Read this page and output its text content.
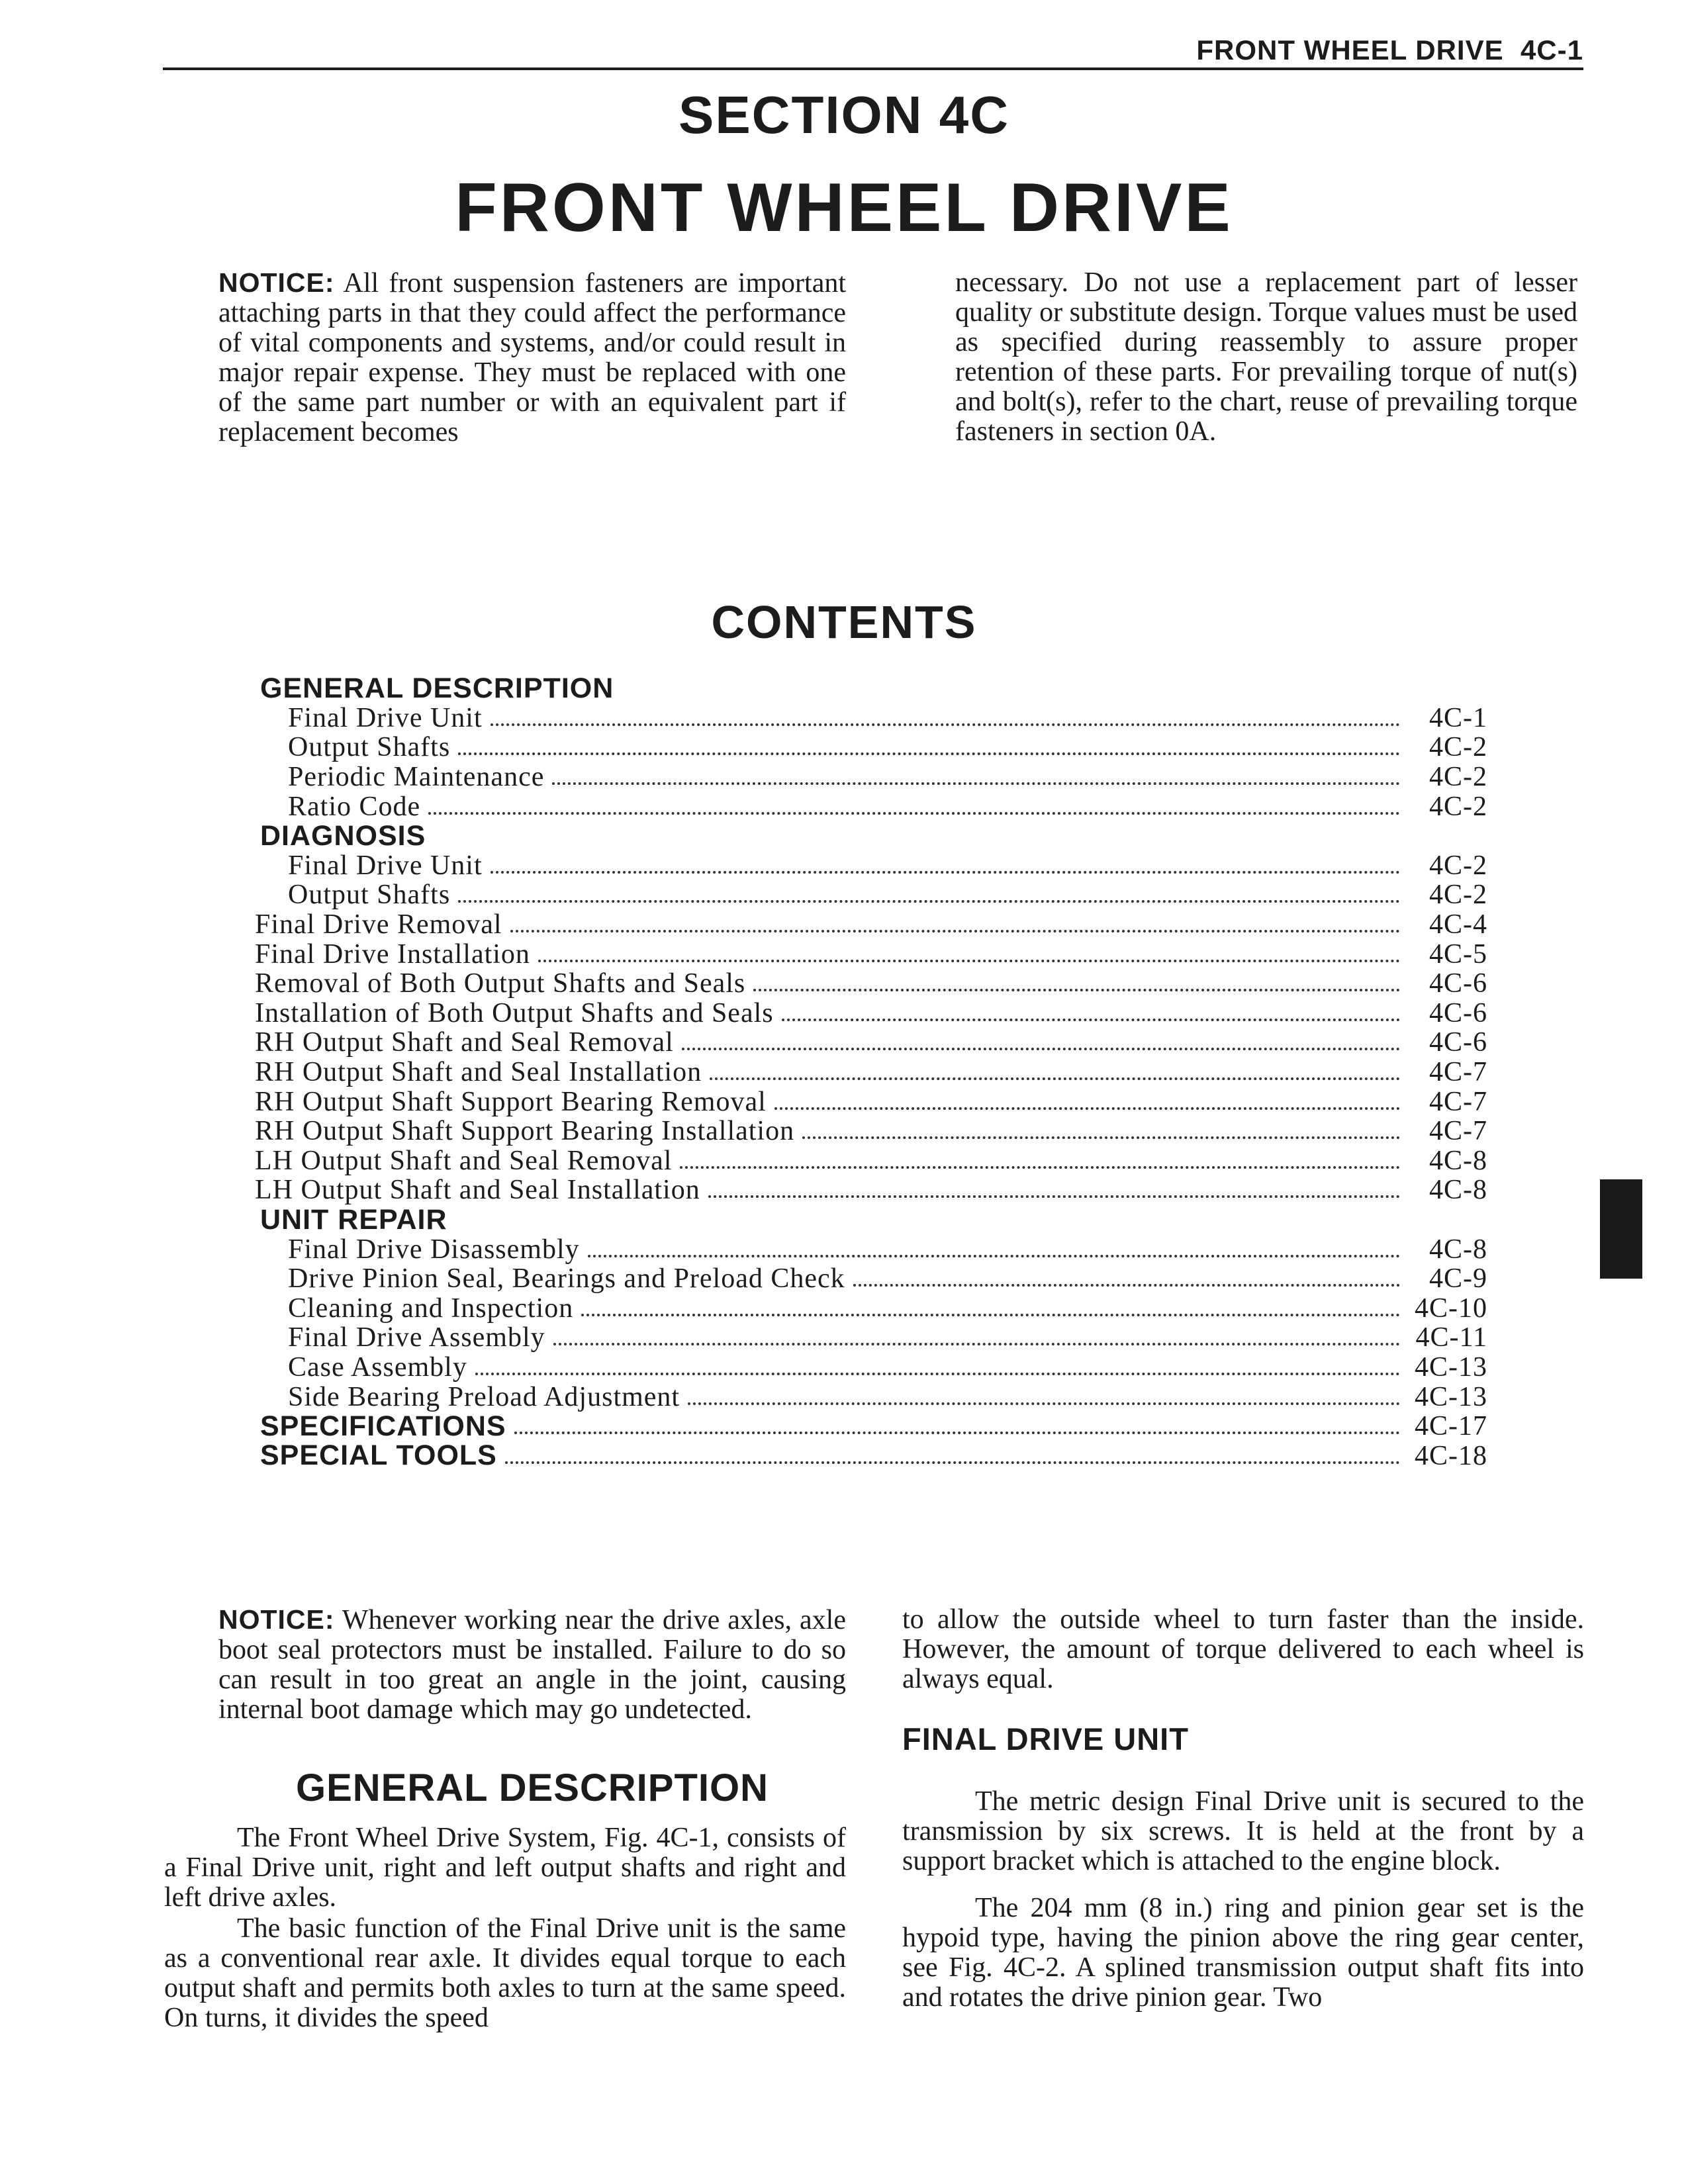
FRONT WHEEL DRIVE 4C-1
SECTION 4C
FRONT WHEEL DRIVE
NOTICE: All front suspension fasteners are important attaching parts in that they could affect the performance of vital components and systems, and/or could result in major repair expense. They must be replaced with one of the same part number or with an equivalent part if replacement becomes
necessary. Do not use a replacement part of lesser quality or substitute design. Torque values must be used as specified during reassembly to assure proper retention of these parts. For prevailing torque of nut(s) and bolt(s), refer to the chart, reuse of prevailing torque fasteners in section 0A.
CONTENTS
GENERAL DESCRIPTION
Final Drive Unit	4C-1
Output Shafts	4C-2
Periodic Maintenance	4C-2
Ratio Code	4C-2
DIAGNOSIS
Final Drive Unit	4C-2
Output Shafts	4C-2
Final Drive Removal	4C-4
Final Drive Installation	4C-5
Removal of Both Output Shafts and Seals	4C-6
Installation of Both Output Shafts and Seals	4C-6
RH Output Shaft and Seal Removal	4C-6
RH Output Shaft and Seal Installation	4C-7
RH Output Shaft Support Bearing Removal	4C-7
RH Output Shaft Support Bearing Installation	4C-7
LH Output Shaft and Seal Removal	4C-8
LH Output Shaft and Seal Installation	4C-8
UNIT REPAIR
Final Drive Disassembly	4C-8
Drive Pinion Seal, Bearings and Preload Check	4C-9
Cleaning and Inspection	4C-10
Final Drive Assembly	4C-11
Case Assembly	4C-13
Side Bearing Preload Adjustment	4C-13
SPECIFICATIONS	4C-17
SPECIAL TOOLS	4C-18
NOTICE: Whenever working near the drive axles, axle boot seal protectors must be installed. Failure to do so can result in too great an angle in the joint, causing internal boot damage which may go undetected.
GENERAL DESCRIPTION

The Front Wheel Drive System, Fig. 4C-1, consists of a Final Drive unit, right and left output shafts and right and left drive axles.

The basic function of the Final Drive unit is the same as a conventional rear axle. It divides equal torque to each output shaft and permits both axles to turn at the same speed. On turns, it divides the speed

to allow the outside wheel to turn faster than the inside. However, the amount of torque delivered to each wheel is always equal.
FINAL DRIVE UNIT

The metric design Final Drive unit is secured to the transmission by six screws. It is held at the front by a support bracket which is attached to the engine block.

The 204 mm (8 in.) ring and pinion gear set is the hypoid type, having the pinion above the ring gear center, see Fig. 4C-2. A splined transmission output shaft fits into and rotates the drive pinion gear. Two
